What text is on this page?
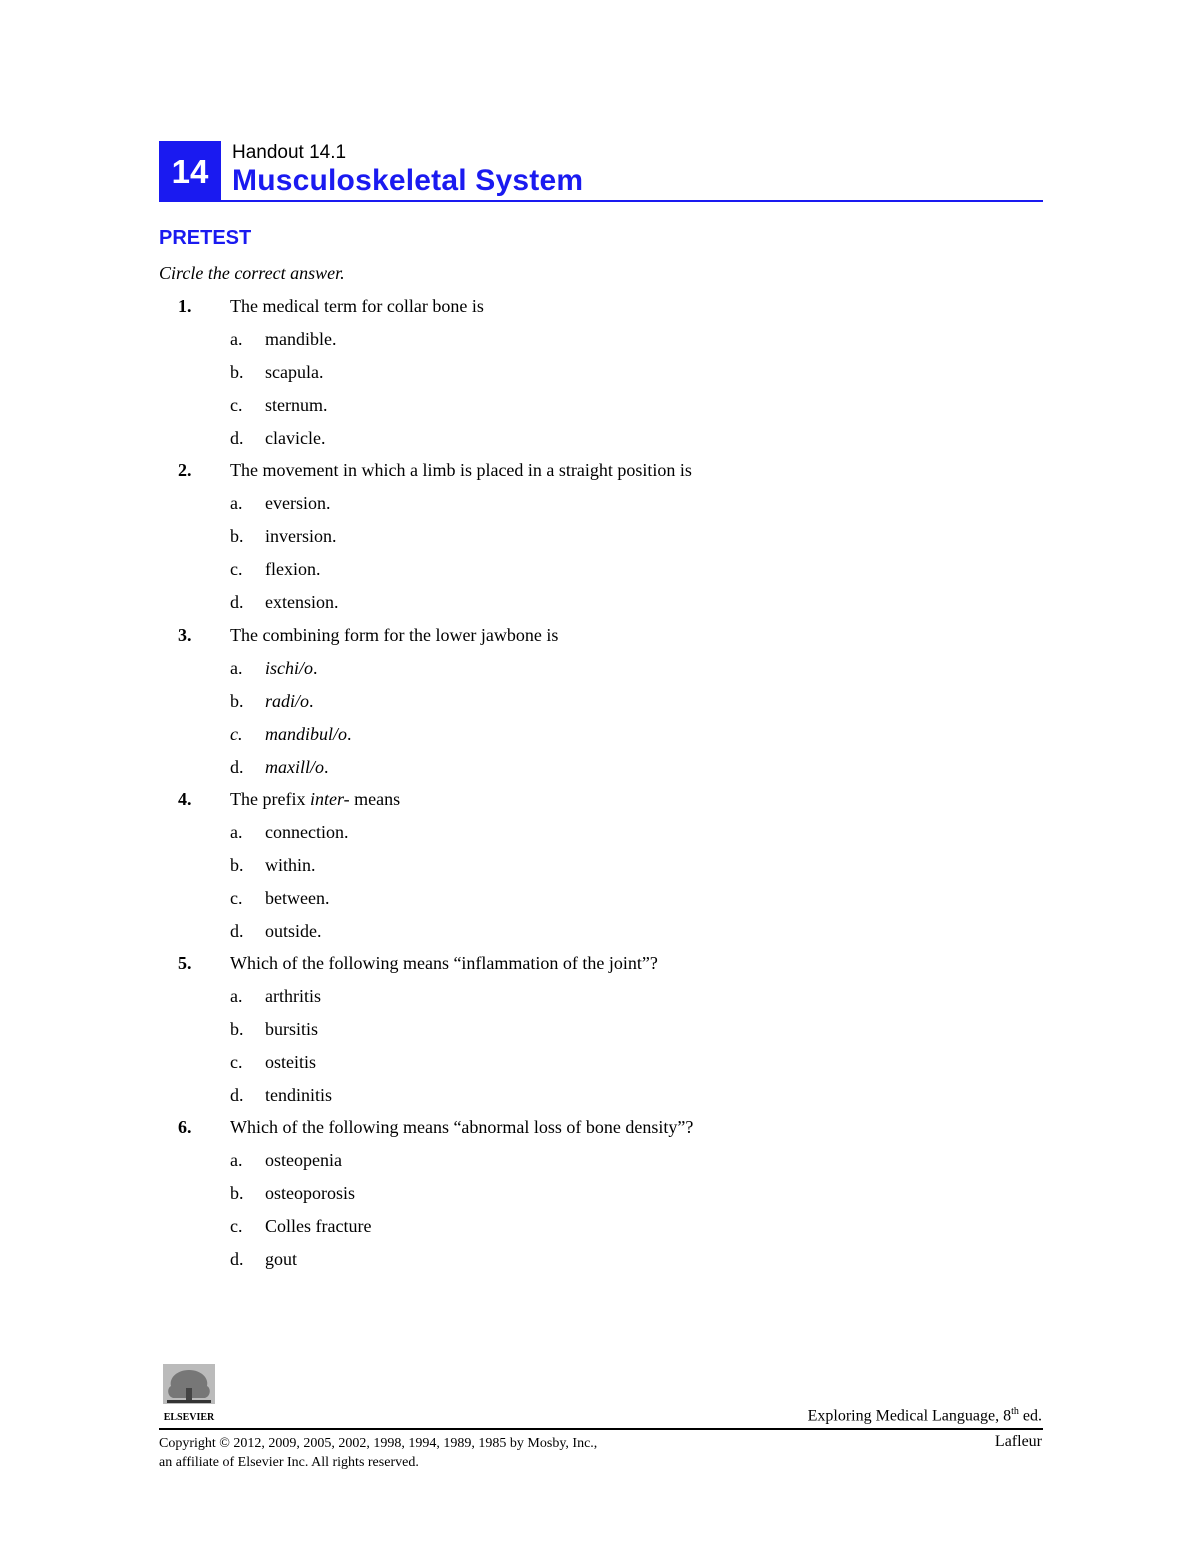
14	Handout 14.1
Musculoskeletal System
PRETEST
Circle the correct answer.
1. The medical term for collar bone is
a. mandible.
b. scapula.
c. sternum.
d. clavicle.
2. The movement in which a limb is placed in a straight position is
a. eversion.
b. inversion.
c. flexion.
d. extension.
3. The combining form for the lower jawbone is
a. ischi/o.
b. radi/o.
c. mandibul/o.
d. maxill/o.
4. The prefix inter- means
a. connection.
b. within.
c. between.
d. outside.
5. Which of the following means “inflammation of the joint”?
a. arthritis
b. bursitis
c. osteitis
d. tendinitis
6. Which of the following means “abnormal loss of bone density”?
a. osteopenia
b. osteoporosis
c. Colles fracture
d. gout
ELSEVIER	Exploring Medical Language, 8th ed.
Copyright © 2012, 2009, 2005, 2002, 1998, 1994, 1989, 1985 by Mosby, Inc.,
an affiliate of Elsevier Inc. All rights reserved.
Lafleur
